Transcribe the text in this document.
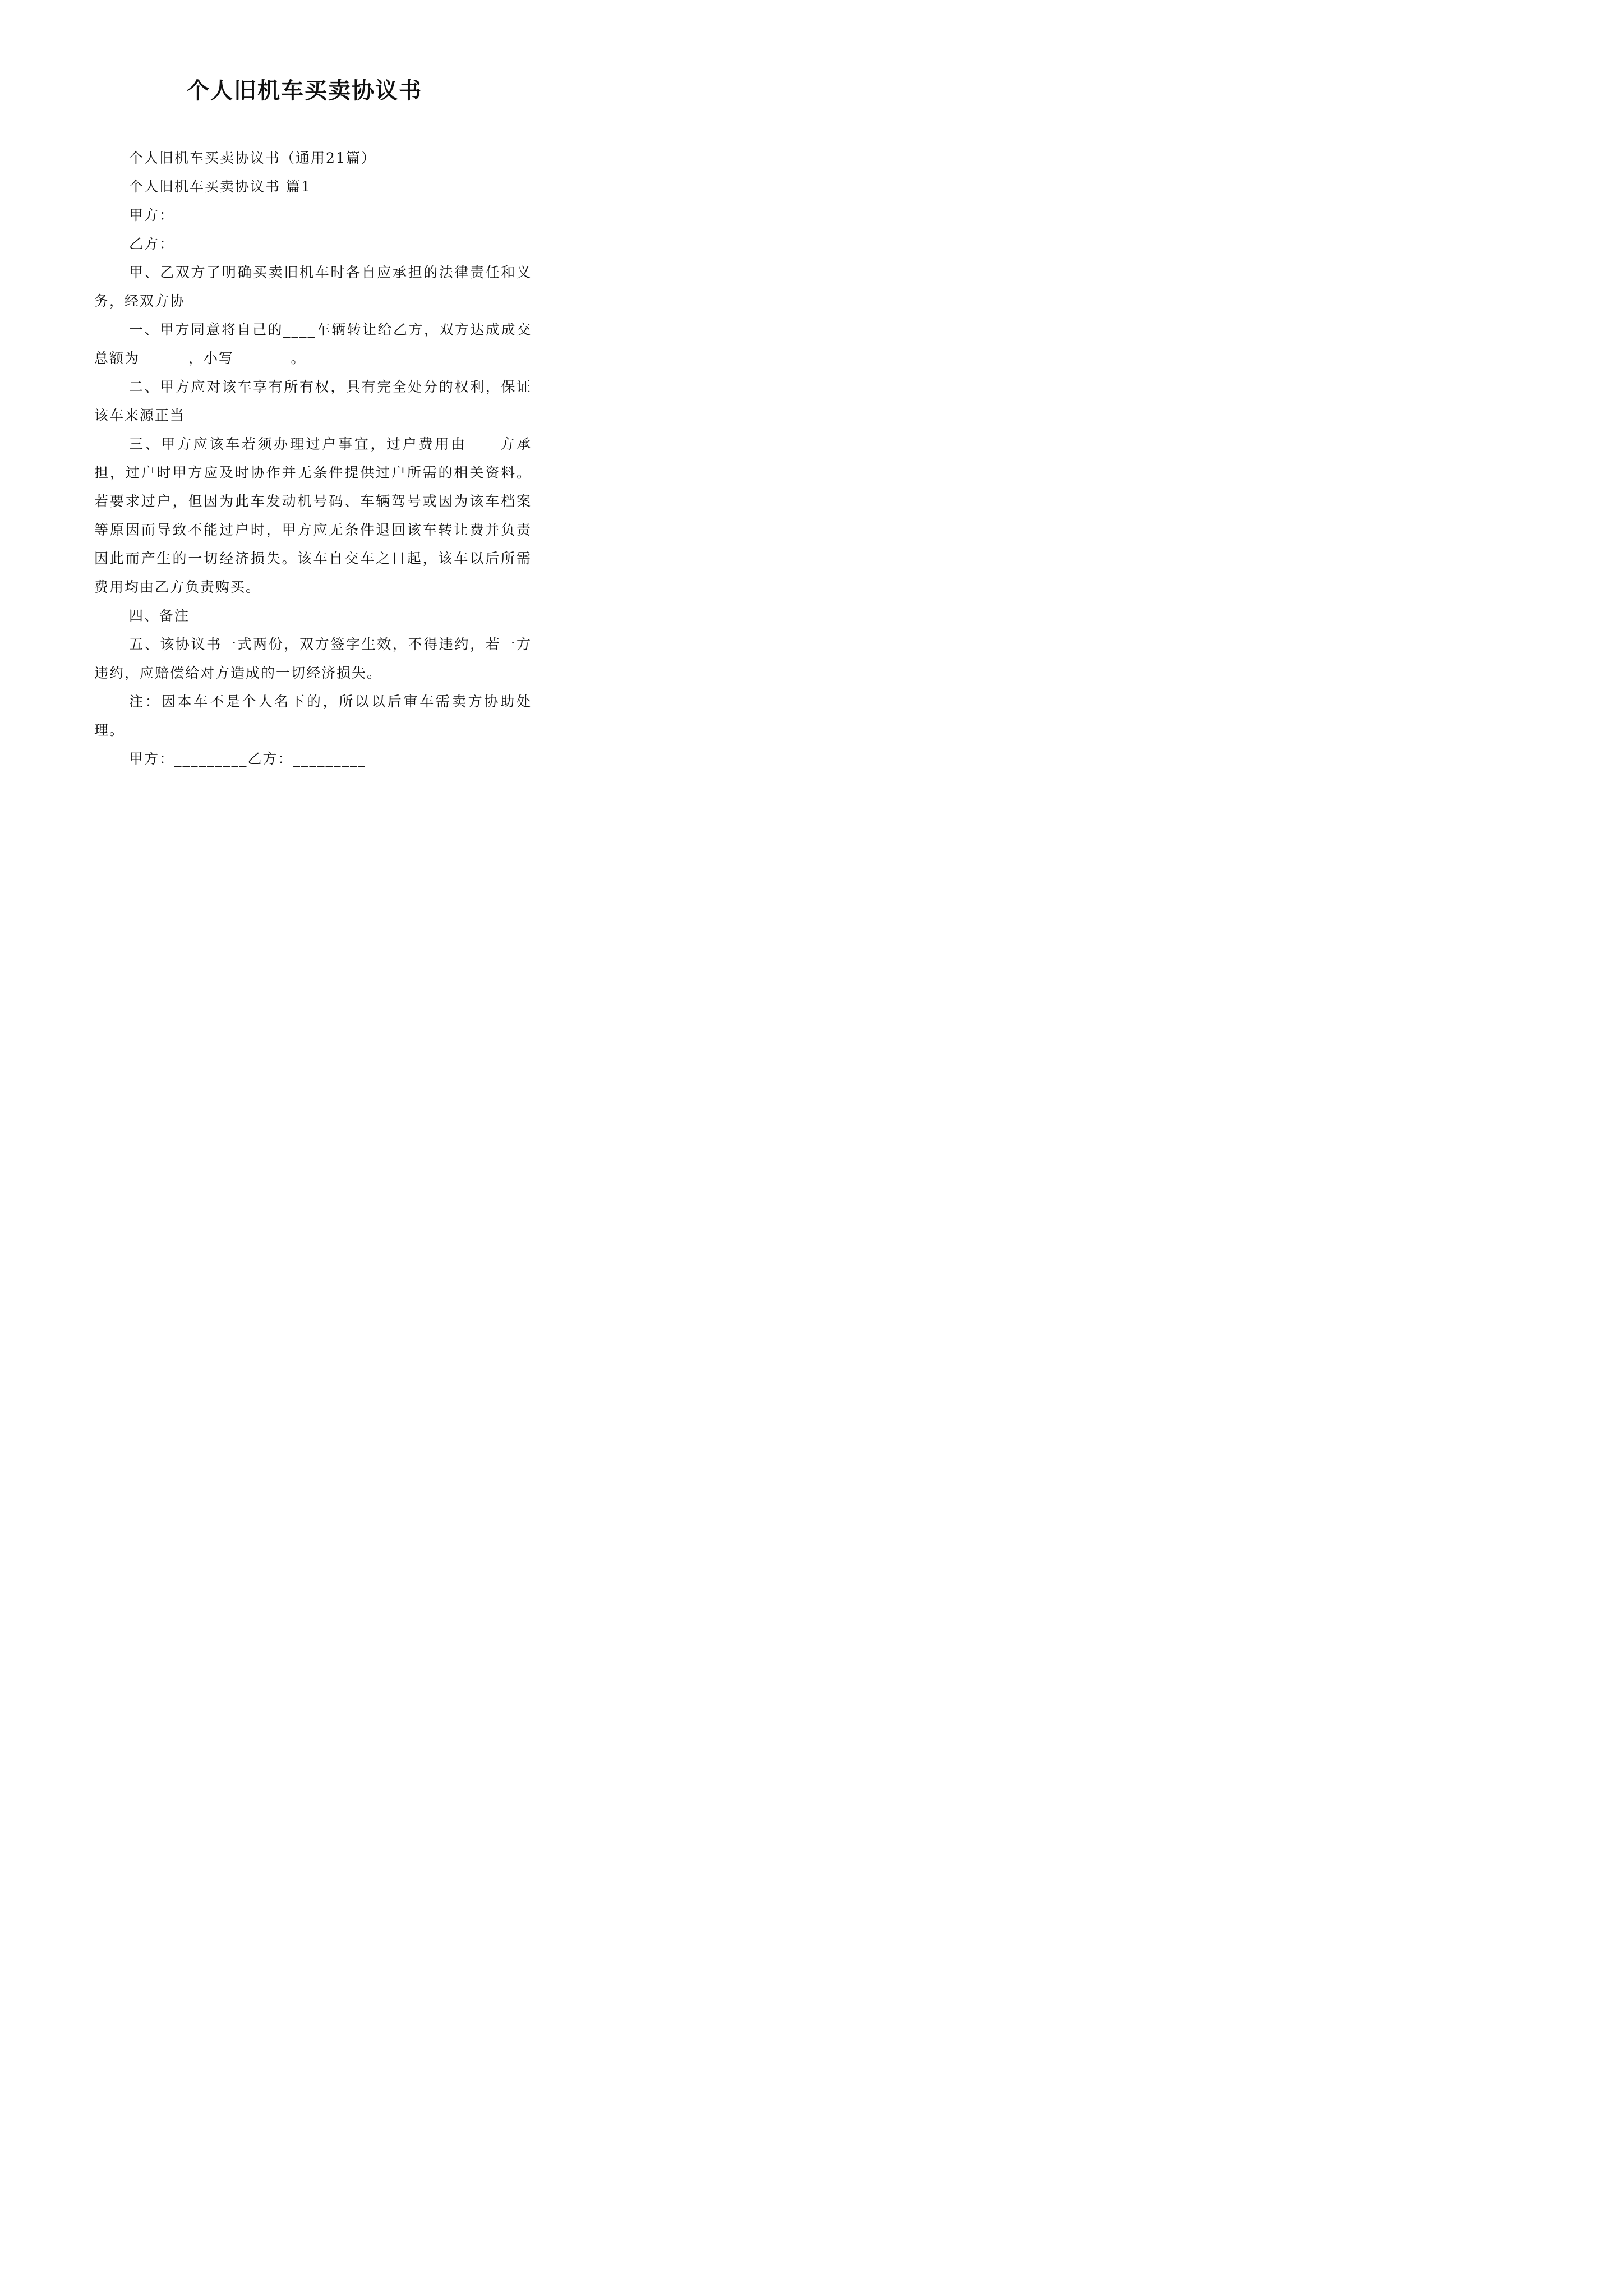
个人旧机车买卖协议书

个人旧机车买卖协议书（通用21篇）

个人旧机车买卖协议书 篇1

甲方：

乙方：

甲、乙双方了明确买卖旧机车时各自应承担的法律责任和义务，经双方协

一、甲方同意将自己的____车辆转让给乙方，双方达成成交总额为______，小写_______。

二、甲方应对该车享有所有权，具有完全处分的权利，保证该车来源正当

三、甲方应该车若须办理过户事宜，过户费用由____方承担，过户时甲方应及时协作并无条件提供过户所需的相关资料。若要求过户，但因为此车发动机号码、车辆驾号或因为该车档案等原因而导致不能过户时，甲方应无条件退回该车转让费并负责因此而产生的一切经济损失。该车自交车之日起，该车以后所需费用均由乙方负责购买。

四、备注

五、该协议书一式两份，双方签字生效，不得违约，若一方违约，应赔偿给对方造成的一切经济损失。

注：因本车不是个人名下的，所以以后审车需卖方协助处理。

甲方：_________乙方：_________
